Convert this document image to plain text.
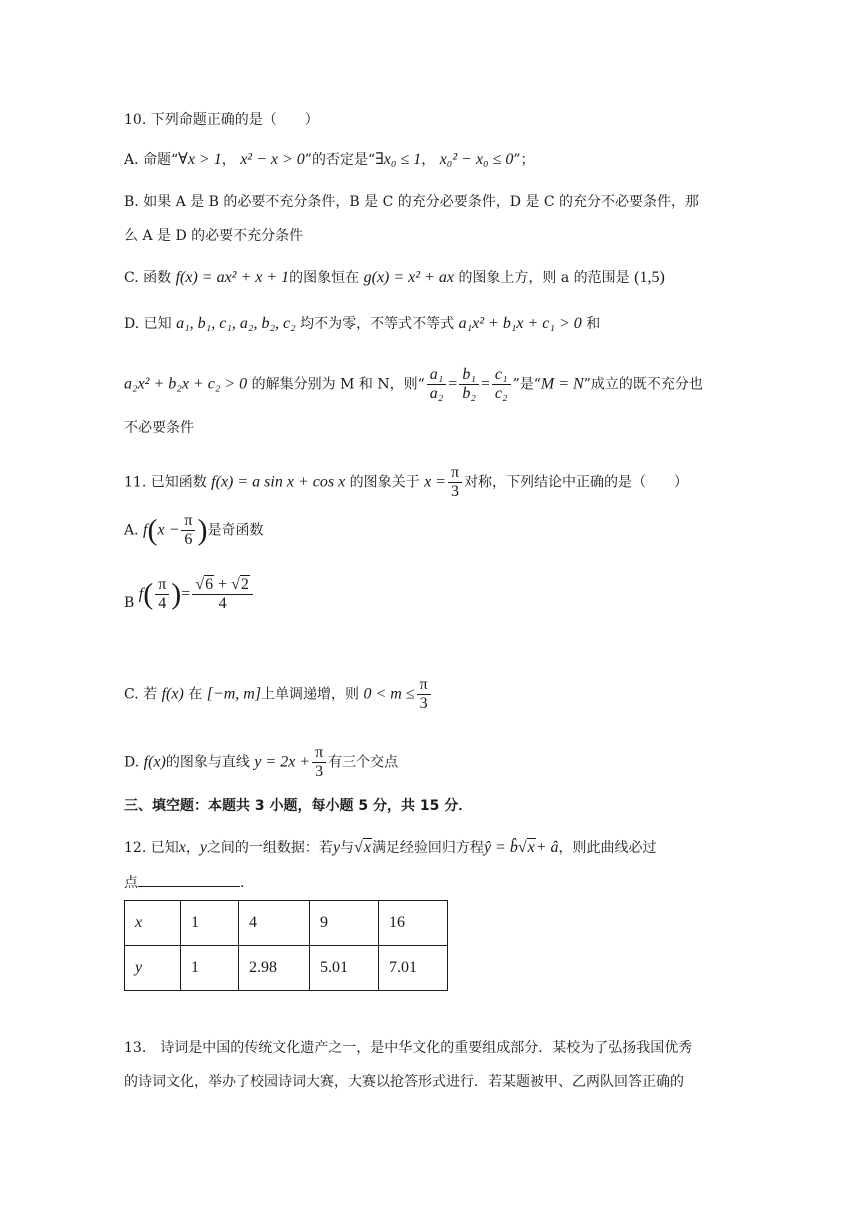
10. 下列命题正确的是（　　）
A. 命题“∀x > 1， x² − x > 0”的否定是“∃x₀ ≤ 1， x₀² − x₀ ≤ 0”；
B. 如果 A 是 B 的必要不充分条件，B 是 C 的充分必要条件，D 是 C 的充分不必要条件，那
么 A 是 D 的必要不充分条件
C. 函数 f(x) = ax² + x + 1的图象恒在 g(x) = x² + ax 的图象上方，则 a 的范围是 (1,5)
D. 已知 a₁, b₁, c₁, a₂, b₂, c₂ 均不为零，不等式不等式 a₁x² + b₁x + c₁ > 0 和
a₂x² + b₂x + c₂ > 0 的解集分别为 M 和 N，则“ $\frac{\text{a₁}}{\text{a₂}} = \frac{\text{b₁}}{\text{b₂}} = \frac{\text{c₁}}{\text{c₂}}$ ”是“M = N”成立的既不充分也
不必要条件
11. 已知函数 f(x) = a sin x + cos x 的图象关于 $x = \frac{\pi}{3}$ 对称，下列结论中正确的是（　　）
A. $f(x - \frac{\pi}{6}$ )是奇函数
B $f( \frac{\pi}{4}$ )= $\frac{√6 + √2}{4}$
C. 若 f(x) 在 [−m, m]上单调递增，则 $0 < m \le \frac{\pi}{3}$
D. f(x)的图象与直线 $y = 2x + \frac{\pi}{3}$ 有三个交点
三、填空题：本题共 3 小题，每小题 5 分，共 15 分．
12. 已知x，y之间的一组数据：若y与√x满足经验回归方程ŷ = b̂√x+ â，则此曲线必过
点	.
x	1	4	9	16
y	1	2.98	5.01	7.01
13.　诗词是中国的传统文化遗产之一，是中华文化的重要组成部分．某校为了弘扬我国优秀
的诗词文化，举办了校园诗词大赛，大赛以抢答形式进行．若某题被甲、乙两队回答正确的
